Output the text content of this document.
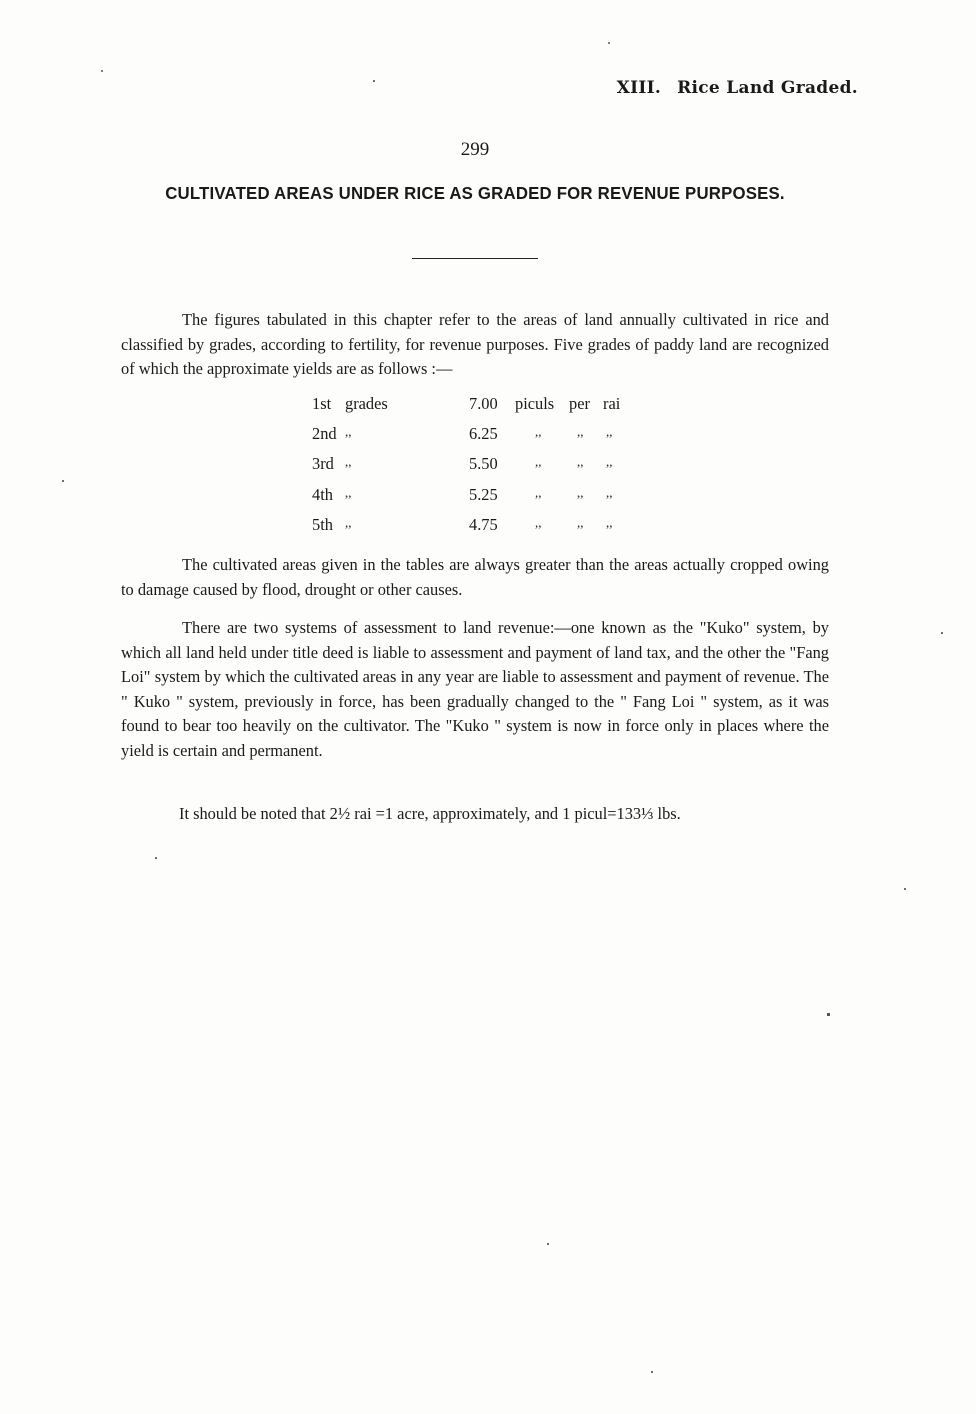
XIII. Rice Land Graded.
299
CULTIVATED AREAS UNDER RICE AS GRADED FOR REVENUE PURPOSES.

The figures tabulated in this chapter refer to the areas of land annually cultivated in rice and classified by grades, according to fertility, for revenue purposes. Five grades of paddy land are recognized of which the approximate yields are as follows :—

1st grades	7.00 piculs per rai
2nd ,,	6.25	,,	,, ,,
3rd ,,	5.50	,,	,, ,,
4th ,,	5.25	,,	,, ,,
5th ,,	4.75	,,	,, ,,

The cultivated areas given in the tables are always greater than the areas actually cropped owing to damage caused by flood, drought or other causes.

There are two systems of assessment to land revenue:—one known as the "Kuko" system, by which all land held under title deed is liable to assessment and payment of land tax, and the other the "Fang Loi" system by which the cultivated areas in any year are liable to assessment and payment of revenue. The " Kuko " system, previously in force, has been gradually changed to the " Fang Loi " system, as it was found to bear too heavily on the cultivator. The "Kuko " system is now in force only in places where the yield is certain and permanent.

It should be noted that 2½ rai =1 acre, approximately, and 1 picul=133⅓ lbs.
